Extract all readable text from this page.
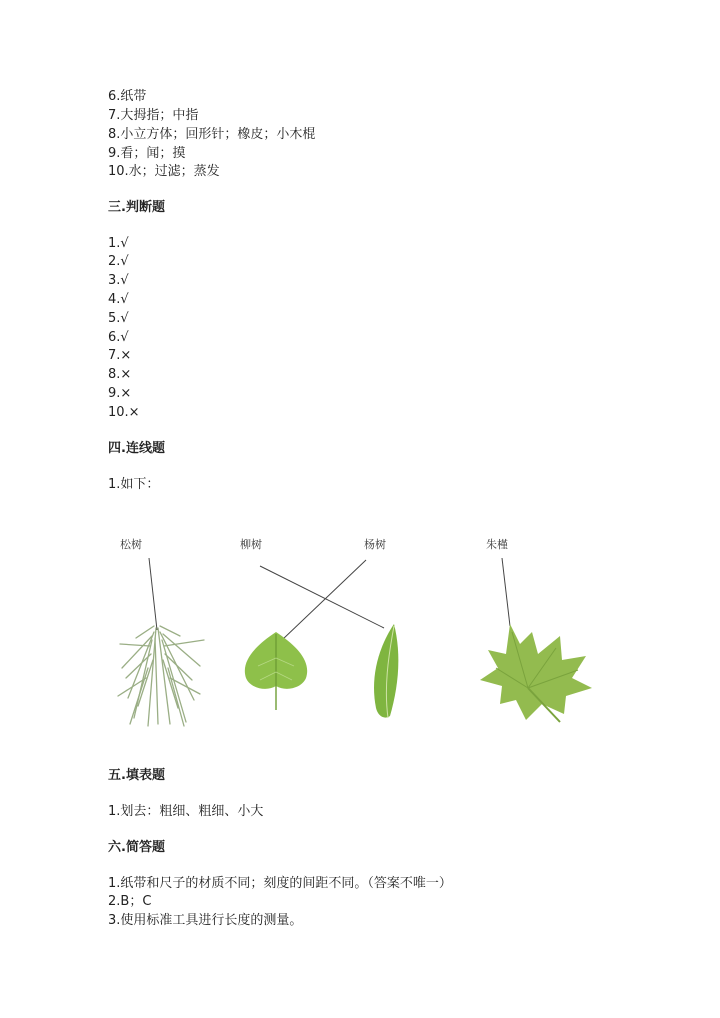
6.纸带
7.大拇指；中指
8.小立方体；回形针；橡皮；小木棍
9.看；闻；摸
10.水；过滤；蒸发
三.判断题
1.√
2.√
3.√
4.√
5.√
6.√
7.×
8.×
9.×
10.×
四.连线题
1.如下：
松树	柳树	杨树	朱槿
五.填表题
1.划去：粗细、粗细、小大
六.简答题
1.纸带和尺子的材质不同；刻度的间距不同。（答案不唯一）
2.B；C
3.使用标准工具进行长度的测量。
